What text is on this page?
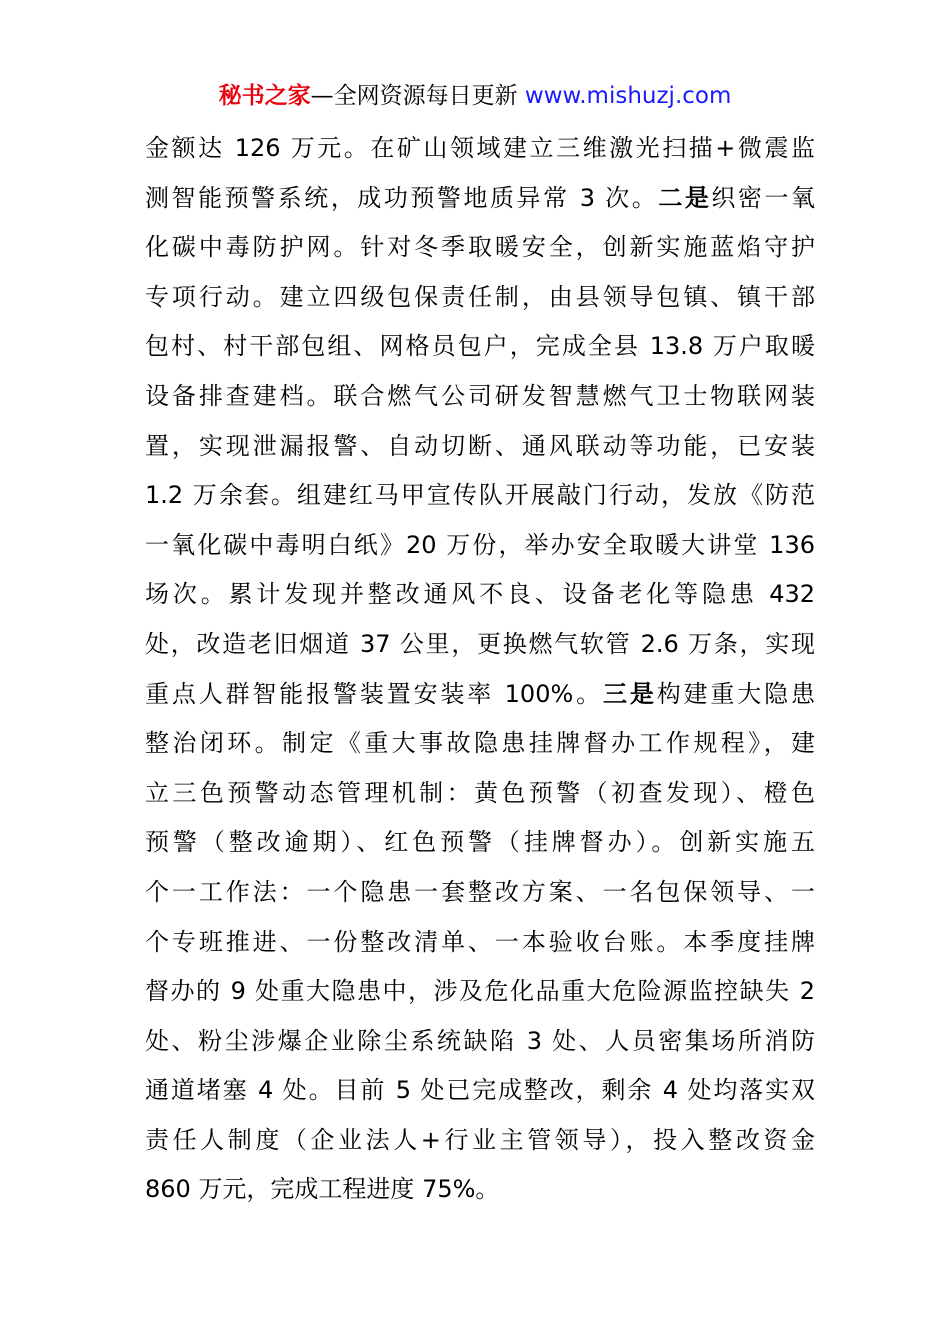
秘书之家—全网资源每日更新 www.mishuzj.com
金额达 126 万元。在矿山领域建立三维激光扫描+微震监
测智能预警系统，成功预警地质异常 3 次。二是织密一氧
化碳中毒防护网。针对冬季取暖安全，创新实施蓝焰守护
专项行动。建立四级包保责任制，由县领导包镇、镇干部
包村、村干部包组、网格员包户，完成全县 13.8 万户取暖
设备排查建档。联合燃气公司研发智慧燃气卫士物联网装
置，实现泄漏报警、自动切断、通风联动等功能，已安装
1.2 万余套。组建红马甲宣传队开展敲门行动，发放《防范
一氧化碳中毒明白纸》20 万份，举办安全取暖大讲堂 136
场次。累计发现并整改通风不良、设备老化等隐患 432
处，改造老旧烟道 37 公里，更换燃气软管 2.6 万条，实现
重点人群智能报警装置安装率 100%。三是构建重大隐患
整治闭环。制定《重大事故隐患挂牌督办工作规程》，建
立三色预警动态管理机制：黄色预警（初查发现）、橙色
预警（整改逾期）、红色预警（挂牌督办）。创新实施五
个一工作法：一个隐患一套整改方案、一名包保领导、一
个专班推进、一份整改清单、一本验收台账。本季度挂牌
督办的 9 处重大隐患中，涉及危化品重大危险源监控缺失 2
处、粉尘涉爆企业除尘系统缺陷 3 处、人员密集场所消防
通道堵塞 4 处。目前 5 处已完成整改，剩余 4 处均落实双
责任人制度（企业法人+行业主管领导），投入整改资金
860 万元，完成工程进度 75%。
